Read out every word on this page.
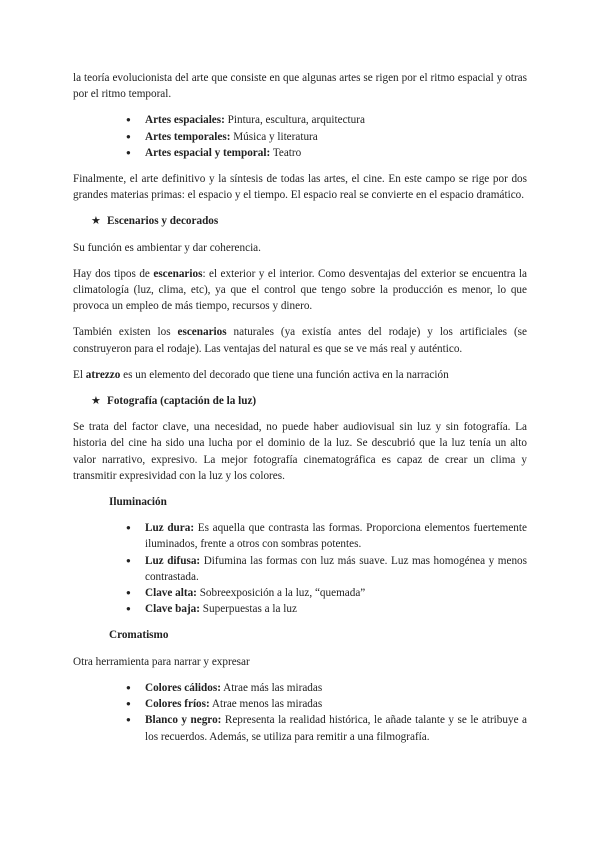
la teoría evolucionista del arte que consiste en que algunas artes se rigen por el ritmo espacial y otras por el ritmo temporal.

● Artes espaciales: Pintura, escultura, arquitectura
● Artes temporales: Música y literatura
● Artes espacial y temporal: Teatro

Finalmente, el arte definitivo y la síntesis de todas las artes, el cine. En este campo se rige por dos grandes materias primas: el espacio y el tiempo. El espacio real se convierte en el espacio dramático.

★ Escenarios y decorados

Su función es ambientar y dar coherencia.

Hay dos tipos de escenarios: el exterior y el interior. Como desventajas del exterior se encuentra la climatología (luz, clima, etc), ya que el control que tengo sobre la producción es menor, lo que provoca un empleo de más tiempo, recursos y dinero.

También existen los escenarios naturales (ya existía antes del rodaje) y los artificiales (se construyeron para el rodaje). Las ventajas del natural es que se ve más real y auténtico.

El atrezzo es un elemento del decorado que tiene una función activa en la narración

★ Fotografía (captación de la luz)

Se trata del factor clave, una necesidad, no puede haber audiovisual sin luz y sin fotografía. La historia del cine ha sido una lucha por el dominio de la luz. Se descubrió que la luz tenía un alto valor narrativo, expresivo. La mejor fotografía cinematográfica es capaz de crear un clima y transmitir expresividad con la luz y los colores.

Iluminación
● Luz dura: Es aquella que contrasta las formas. Proporciona elementos fuertemente iluminados, frente a otros con sombras potentes.
● Luz difusa: Difumina las formas con luz más suave. Luz mas homogénea y menos contrastada.
● Clave alta: Sobreexposición a la luz, “quemada”
● Clave baja: Superpuestas a la luz
Cromatismo

Otra herramienta para narrar y expresar

● Colores cálidos: Atrae más las miradas
● Colores fríos: Atrae menos las miradas
● Blanco y negro: Representa la realidad histórica, le añade talante y se le atribuye a los recuerdos. Además, se utiliza para remitir a una filmografía.
